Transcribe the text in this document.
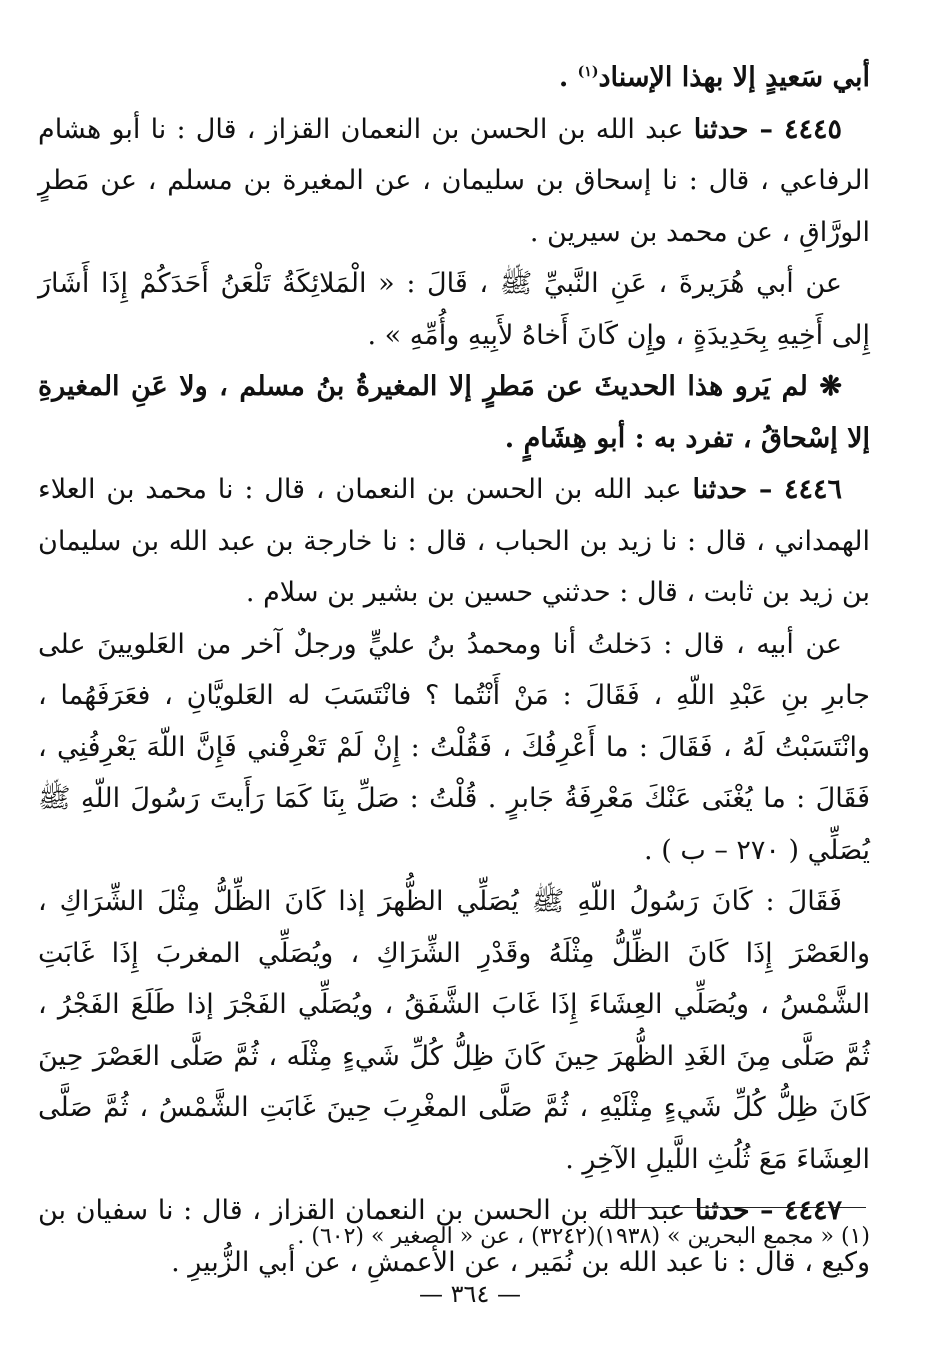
أبي سَعيدٍ إلا بهذا الإسناد$^{(١)}$ .

٤٤٤٥ – حدثنا عبد الله بن الحسن بن النعمان القزاز ، قال : نا أبو هشام الرفاعي ، قال : نا إسحاق بن سليمان ، عن المغيرة بن مسلم ، عن مَطرٍ الورَّاقِ ، عن محمد بن سيرين .

عن أبي هُرَيرةَ ، عَنِ النَّبيِّ ﷺ ، قَالَ : « الْمَلائِكَةُ تَلْعَنُ أَحَدَكُمْ إِذَا أَشَارَ إِلى أَخِيهِ بِحَدِيدَةٍ ، وإِن كَانَ أَخاهُ لأَبِيهِ وأُمِّهِ » .

❋ لم يَرو هذا الحديثَ عن مَطرٍ إلا المغيرةُ بنُ مسلم ، ولا عَنِ المغيرةِ إلا إسْحاقُ ، تفرد به : أبو هِشَامٍ .

٤٤٤٦ – حدثنا عبد الله بن الحسن بن النعمان ، قال : نا محمد بن العلاء الهمداني ، قال : نا زيد بن الحباب ، قال : نا خارجة بن عبد الله بن سليمان بن زيد بن ثابت ، قال : حدثني حسين بن بشير بن سلام .

عن أبيه ، قال : دَخلتُ أنا ومحمدُ بنُ عليٍّ ورجلٌ آخر من العَلويينَ على جابرِ بنِ عَبْدِ اللّهِ ، فَقَالَ : مَنْ أَنْتُما ؟ فانْتَسَبَ له العَلويَّانِ ، فعَرَفَهُما ، وانْتَسَبْتُ لَهُ ، فَقَالَ : ما أَعْرِفُكَ ، فَقُلْتُ : إِنْ لَمْ تَعْرِفْني فَإِنَّ اللّهَ يَعْرِفُنِي ، فَقَالَ : ما يُغْنَى عَنْكَ مَعْرِفَةُ جَابرٍ . قُلْتُ : صَلِّ بِنَا كَمَا رَأَيتَ رَسُولَ اللّهِ ﷺ يُصَلِّي ( ٢٧٠ – ب ) .

فَقَالَ : كَانَ رَسُولُ اللّهِ ﷺ يُصَلِّي الظُّهرَ إذا كَانَ الظِّلُّ مِثْلَ الشِّرَاكِ ، والعَصْرَ إِذَا كَانَ الظِّلُّ مِثْلَهُ وقَدْرِ الشِّرَاكِ ، ويُصَلِّي المغربَ إِذَا غَابَتِ الشَّمْسُ ، ويُصَلِّي العِشَاءَ إِذَا غَابَ الشَّفَقُ ، ويُصَلِّي الفَجْرَ إذا طَلَعَ الفَجْرُ ، ثُمَّ صَلَّى مِنَ الغَدِ الظُّهرَ حِينَ كَانَ ظِلُّ كُلِّ شَيءٍ مِثْلَه ، ثُمَّ صَلَّى العَصْرَ حِينَ كَانَ ظِلُّ كُلِّ شَيءٍ مِثْلَيْهِ ، ثُمَّ صَلَّى المغْرِبَ حِينَ غَابَتِ الشَّمْسُ ، ثُمَّ صَلَّى العِشَاءَ مَعَ ثُلُثِ اللَّيلِ الآخِرِ .

٤٤٤٧ – حدثنا عبد الله بن الحسن بن النعمان القزاز ، قال : نا سفيان بن وكيع ، قال : نا عبد الله بن نُمَير ، عن الأعمشِ ، عن أبي الزُّبيرِ .

(١) « مجمع البحرين » (١٩٣٨)(٣٢٤٢) ، عن « الصغير » (٦٠٢) .
— ٣٦٤ —
